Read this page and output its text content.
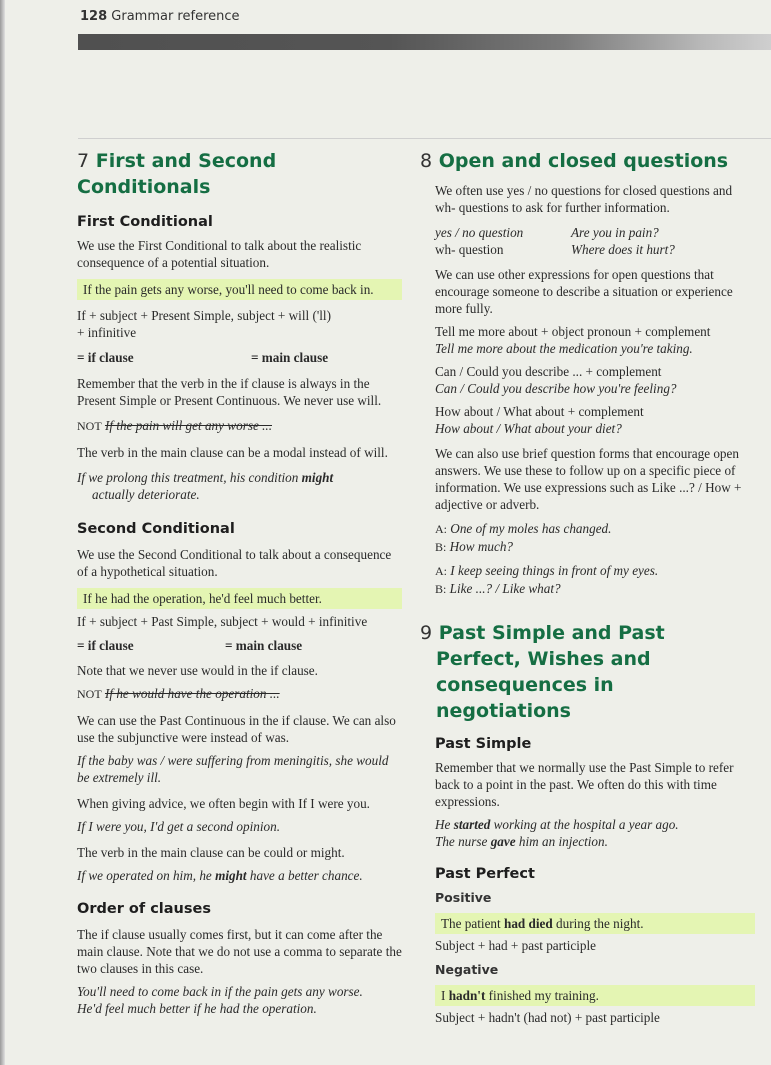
128 Grammar reference
7 First and Second Conditionals
First Conditional

We use the First Conditional to talk about the realistic consequence of a potential situation.

If the pain gets any worse, you'll need to come back in.

If + subject + Present Simple, subject + will ('ll)
+ infinitive

= if clause	= main clause

Remember that the verb in the if clause is always in the Present Simple or Present Continuous. We never use will.

NOT If the pain will get any worse ...

The verb in the main clause can be a modal instead of will.

If we prolong this treatment, his condition might
actually deteriorate.

Second Conditional

We use the Second Conditional to talk about a consequence of a hypothetical situation.

If he had the operation, he'd feel much better.

If + subject + Past Simple, subject + would + infinitive

= if clause	= main clause

Note that we never use would in the if clause.

NOT If he would have the operation ...

We can use the Past Continuous in the if clause. We can also use the subjunctive were instead of was.

If the baby was / were suffering from meningitis, she would be extremely ill.

When giving advice, we often begin with If I were you.

If I were you, I'd get a second opinion.

The verb in the main clause can be could or might.

If we operated on him, he might have a better chance.

Order of clauses

The if clause usually comes first, but it can come after the main clause. Note that we do not use a comma to separate the two clauses in this case.

You'll need to come back in if the pain gets any worse.

He'd feel much better if he had the operation.

8 Open and closed questions

We often use yes / no questions for closed questions and wh- questions to ask for further information.

yes / no question	Are you in pain?
wh- question	Where does it hurt?

We can use other expressions for open questions that encourage someone to describe a situation or experience more fully.

Tell me more about + object pronoun + complement

Tell me more about the medication you're taking.

Can / Could you describe ... + complement

Can / Could you describe how you're feeling?

How about / What about + complement

How about / What about your diet?

We can also use brief question forms that encourage open answers. We use these to follow up on a specific piece of information. We use expressions such as Like ...? / How + adjective or adverb.

A: One of my moles has changed.

B: How much?

A: I keep seeing things in front of my eyes.

B: Like ...? / Like what?

9 Past Simple and Past Perfect, Wishes and consequences in negotiations
Past Simple

Remember that we normally use the Past Simple to refer back to a point in the past. We often do this with time expressions.

He started working at the hospital a year ago.

The nurse gave him an injection.

Past Perfect
Positive

The patient had died during the night.

Subject + had + past participle

Negative

I hadn't finished my training.

Subject + hadn't (had not) + past participle
